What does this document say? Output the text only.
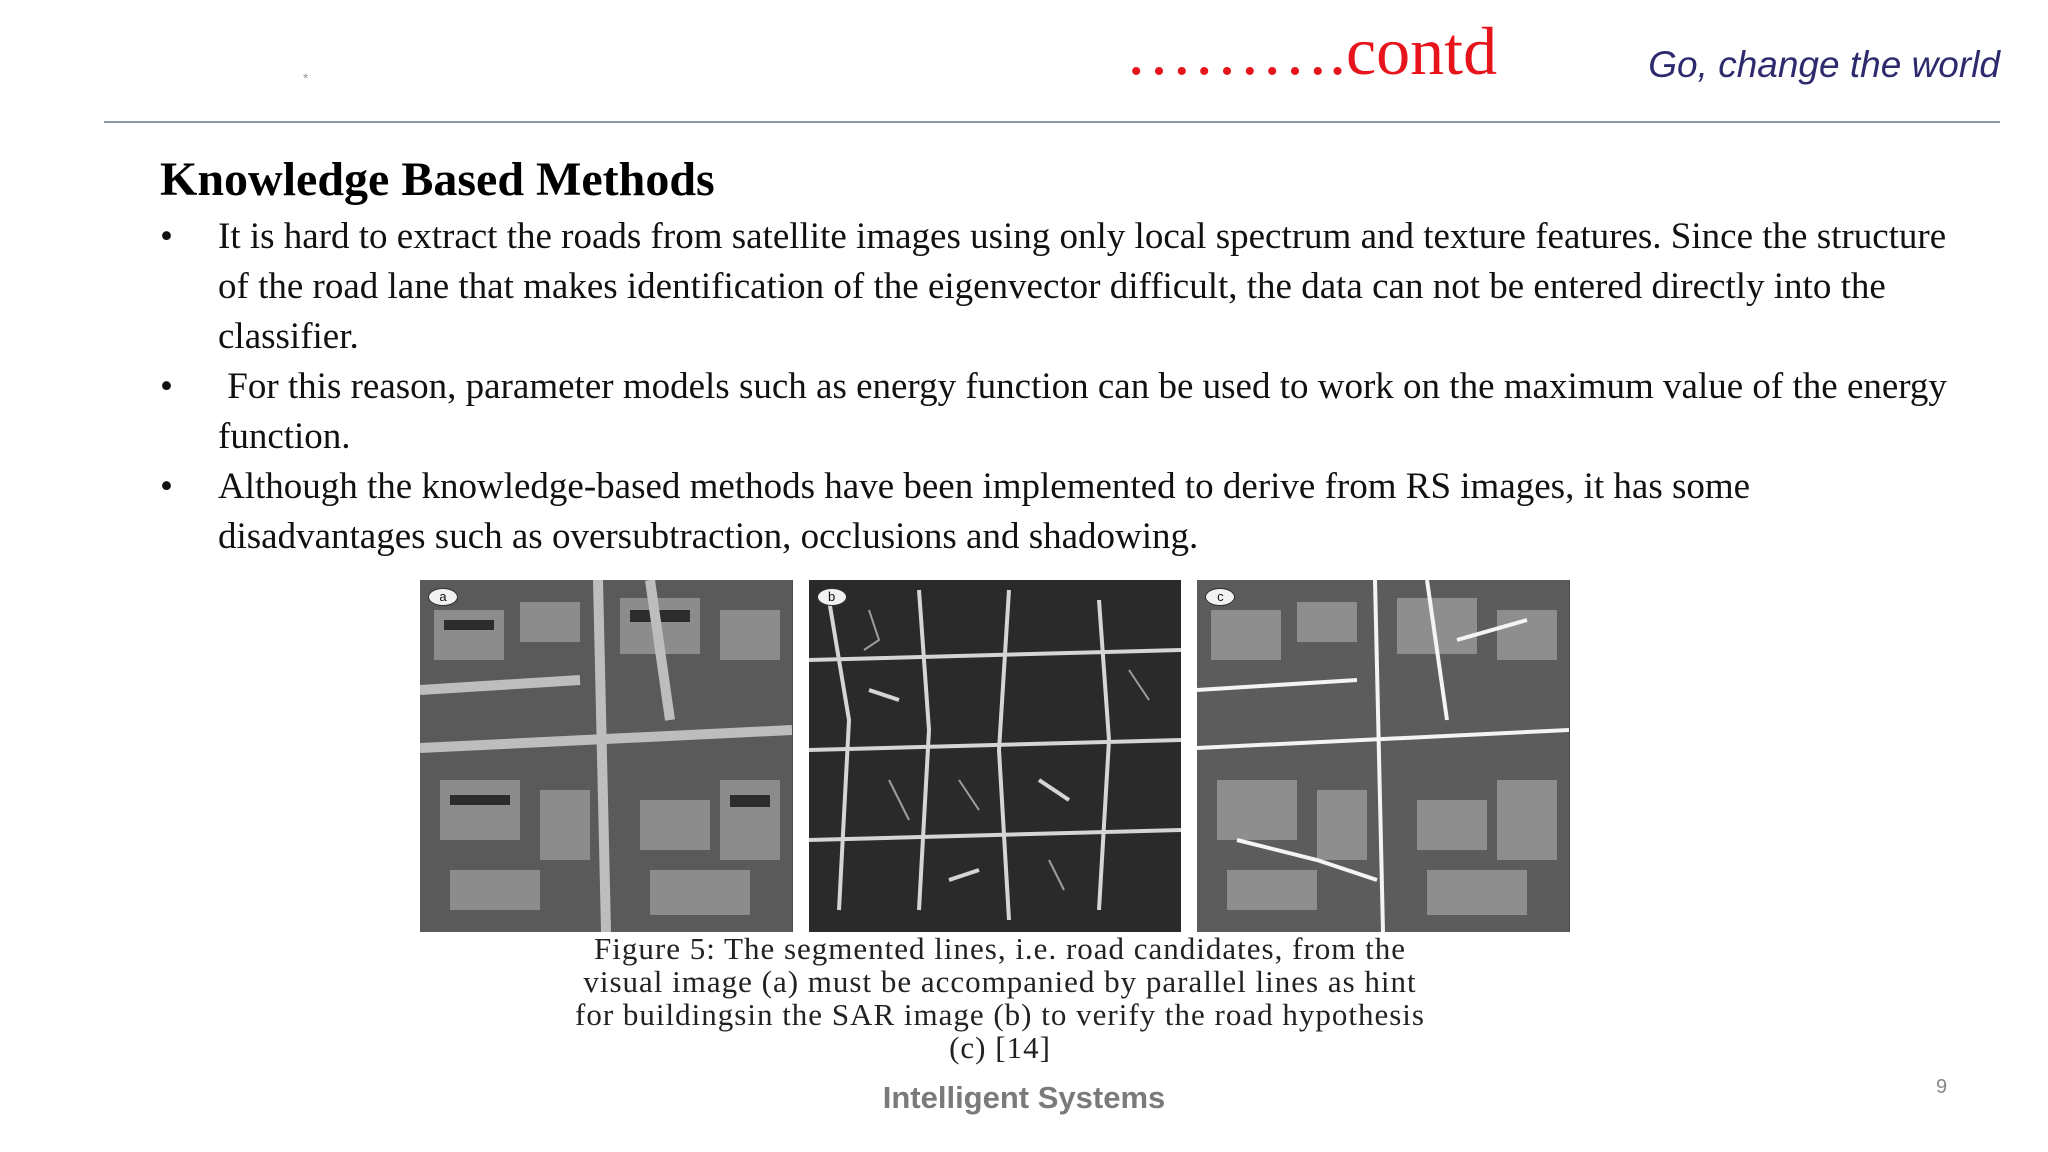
*	……….contd	Go, change the world
Knowledge Based Methods
• It is hard to extract the roads from satellite images using only local spectrum and texture features. Since the structure of the road lane that makes identification of the eigenvector difficult, the data can not be entered directly into the classifier.
• For this reason, parameter models such as energy function can be used to work on the maximum value of the energy function.
• Although the knowledge-based methods have been implemented to derive from RS images, it has some disadvantages such as oversubtraction, occlusions and shadowing.
a	b	c
Figure 5: The segmented lines, i.e. road candidates, from the
visual image (a) must be accompanied by parallel lines as hint
for buildingsin the SAR image (b) to verify the road hypothesis
(c) [14]
Intelligent Systems	9
